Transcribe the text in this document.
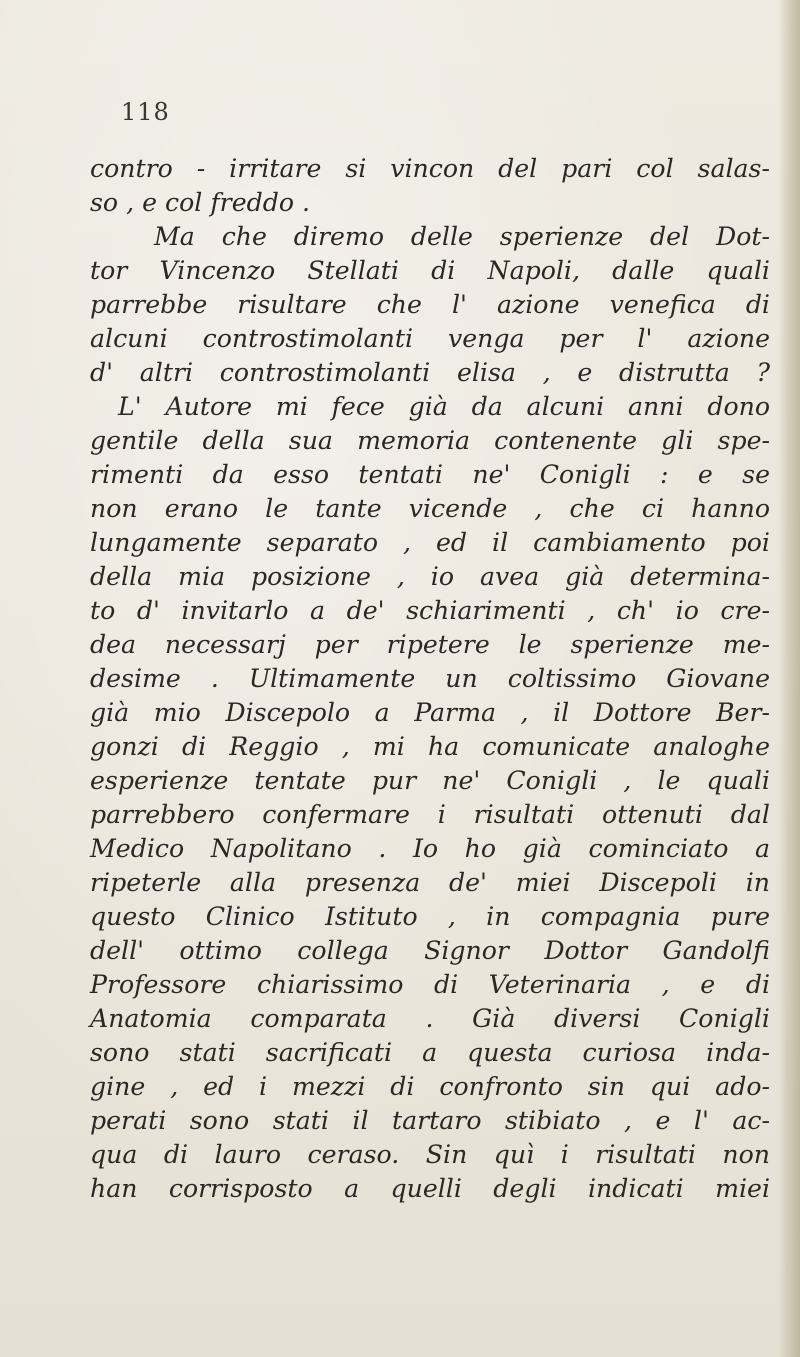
118
contro - irritare si vincon del pari col salas-
so , e col freddo .
Ma che diremo delle sperienze del Dot-
tor Vincenzo Stellati di Napoli, dalle quali
parrebbe risultare che l' azione venefica di
alcuni controstimolanti venga per l' azione
d' altri controstimolanti elisa , e distrutta ?
L' Autore mi fece già da alcuni anni dono
gentile della sua memoria contenente gli spe-
rimenti da esso tentati ne' Conigli : e se
non erano le tante vicende , che ci hanno
lungamente separato , ed il cambiamento poi
della mia posizione , io avea già determina-
to d' invitarlo a de' schiarimenti , ch' io cre-
dea necessarj per ripetere le sperienze me-
desime . Ultimamente un coltissimo Giovane
già mio Discepolo a Parma , il Dottore Ber-
gonzi di Reggio , mi ha comunicate analoghe
esperienze tentate pur ne' Conigli , le quali
parrebbero confermare i risultati ottenuti dal
Medico Napolitano . Io ho già cominciato a
ripeterle alla presenza de' miei Discepoli in
questo Clinico Istituto , in compagnia pure
dell' ottimo collega Signor Dottor Gandolfi
Professore chiarissimo di Veterinaria , e di
Anatomia comparata . Già diversi Conigli
sono stati sacrificati a questa curiosa inda-
gine , ed i mezzi di confronto sin qui ado-
perati sono stati il tartaro stibiato , e l' ac-
qua di lauro ceraso. Sin quì i risultati non
han corrisposto a quelli degli indicati miei
